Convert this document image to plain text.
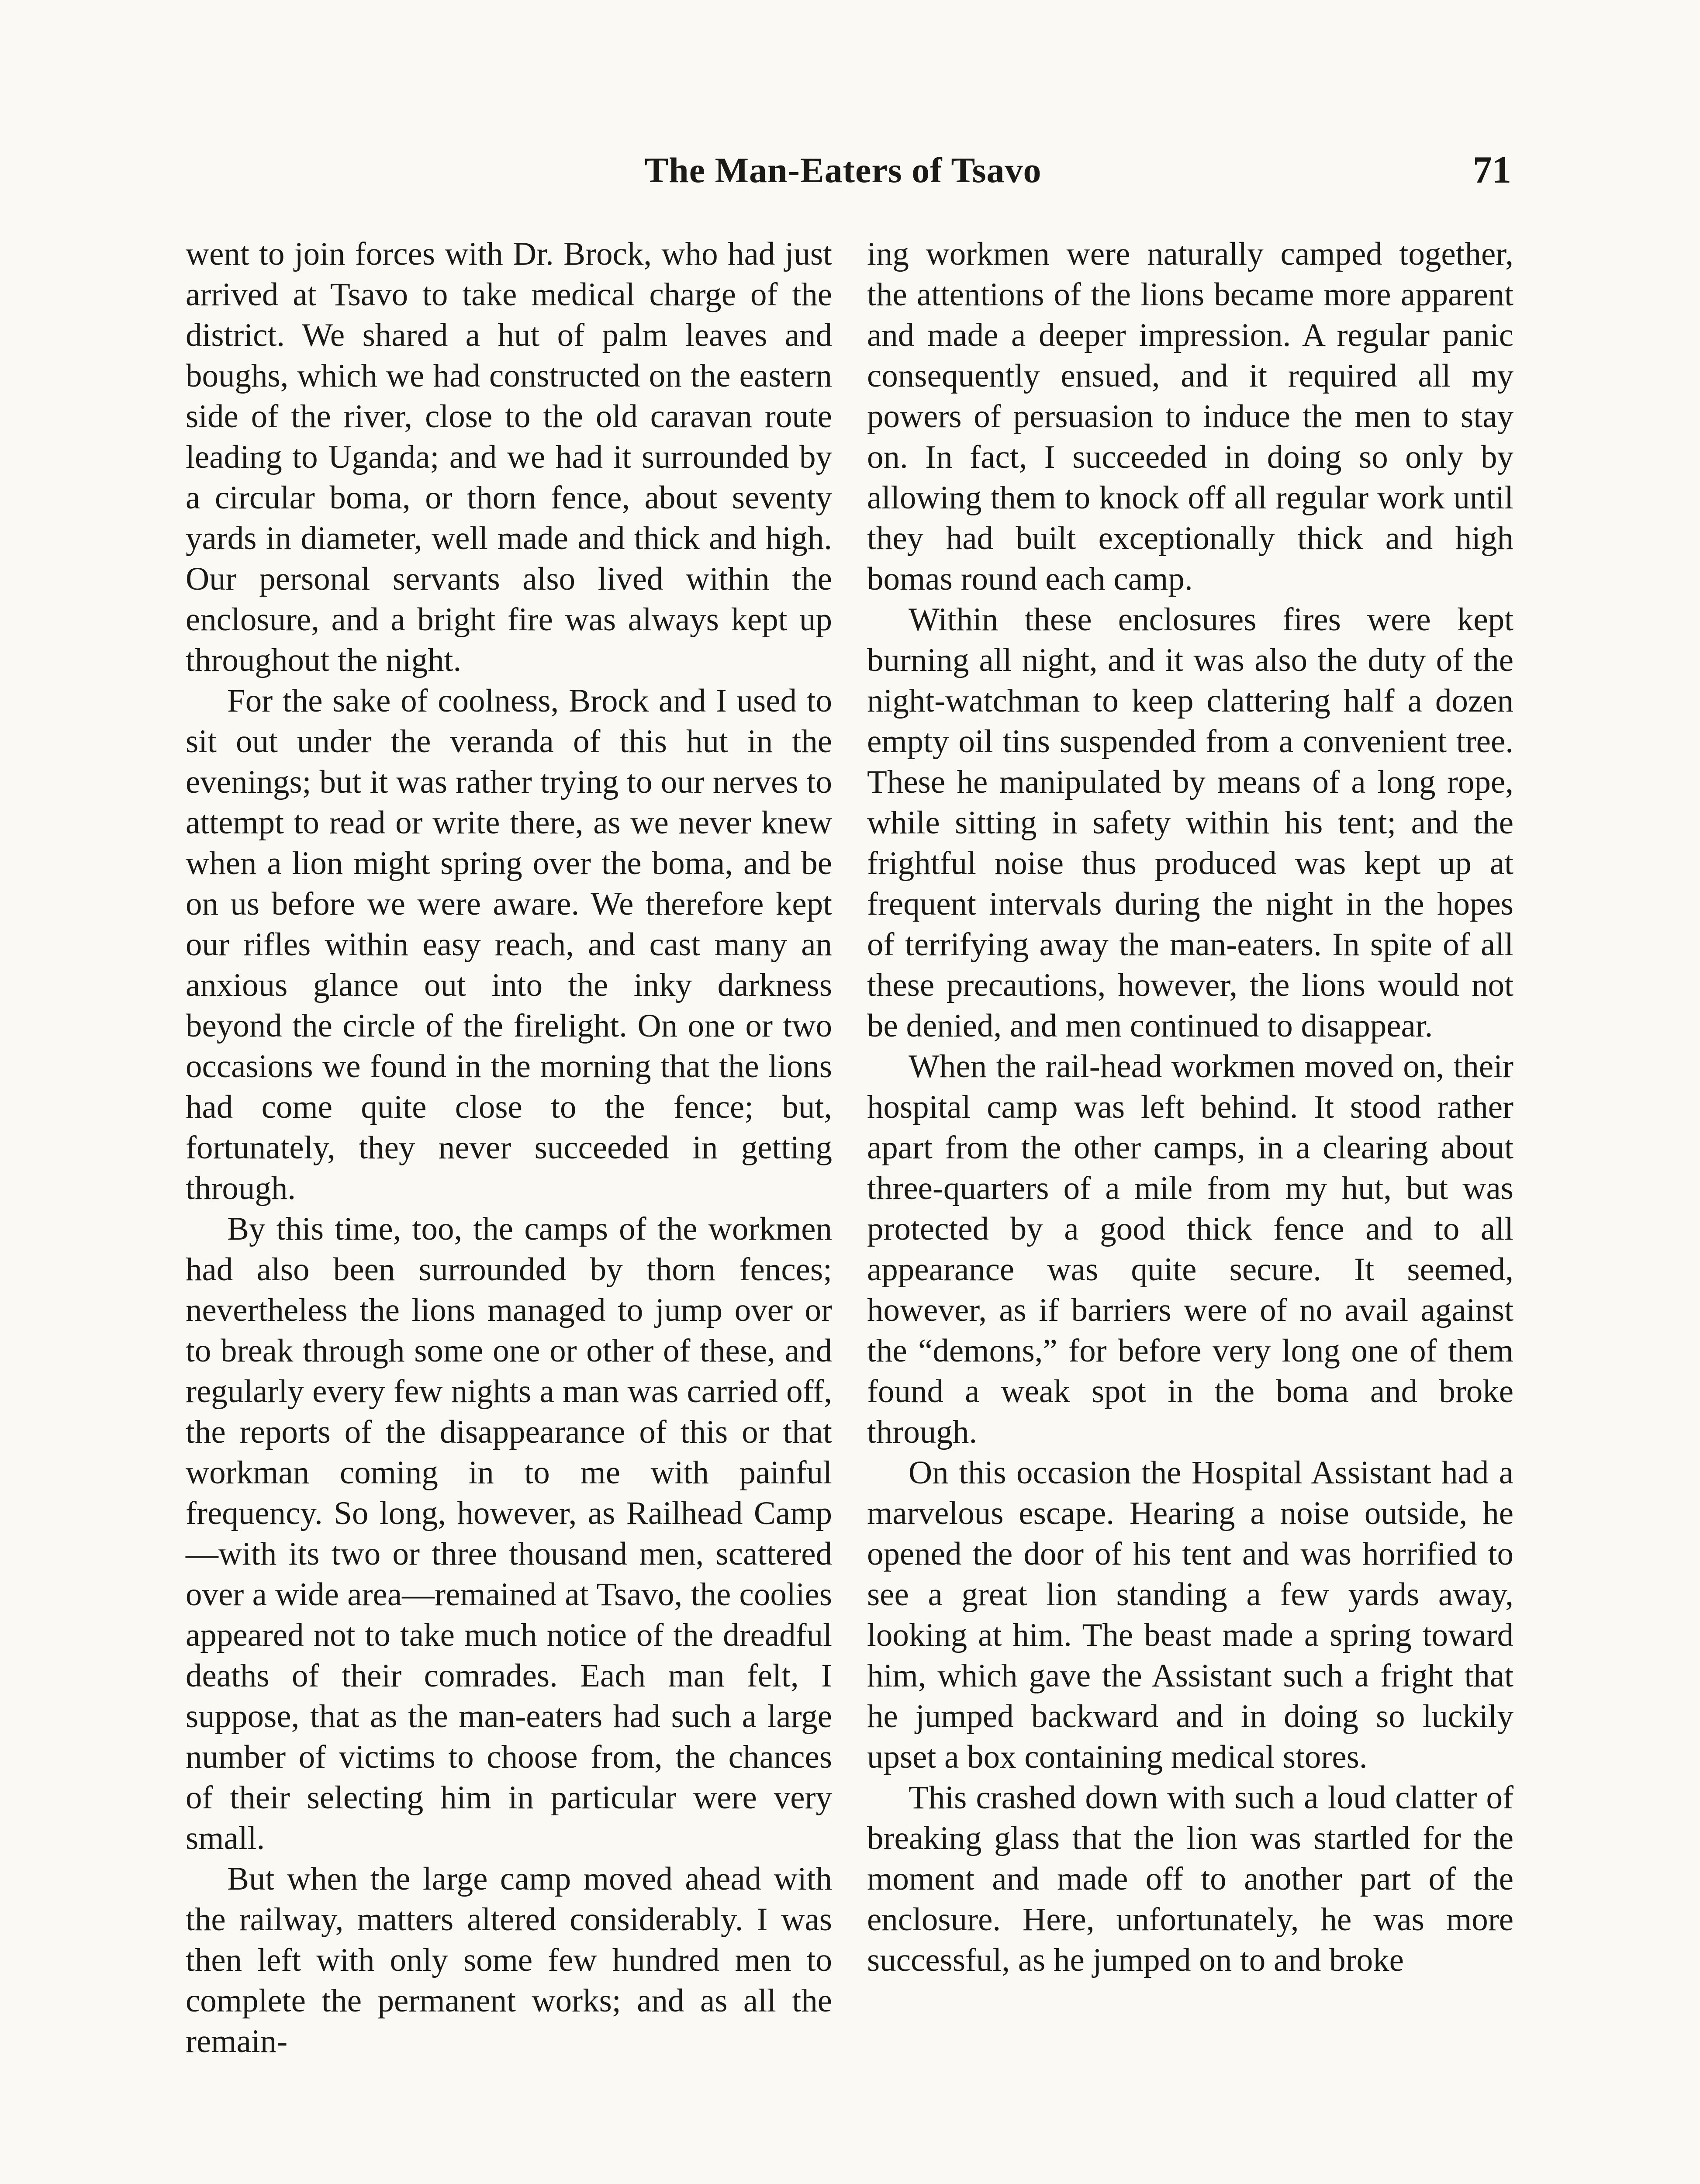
The Man-Eaters of Tsavo	71

went to join forces with Dr. Brock, who had just arrived at Tsavo to take medical charge of the district. We shared a hut of palm leaves and boughs, which we had constructed on the eastern side of the river, close to the old caravan route leading to Uganda; and we had it surrounded by a circular boma, or thorn fence, about seventy yards in diameter, well made and thick and high. Our personal servants also lived within the enclosure, and a bright fire was always kept up throughout the night.

For the sake of coolness, Brock and I used to sit out under the veranda of this hut in the evenings; but it was rather trying to our nerves to attempt to read or write there, as we never knew when a lion might spring over the boma, and be on us before we were aware. We therefore kept our rifles within easy reach, and cast many an anxious glance out into the inky darkness beyond the circle of the firelight. On one or two occasions we found in the morning that the lions had come quite close to the fence; but, fortunately, they never succeeded in getting through.

By this time, too, the camps of the workmen had also been surrounded by thorn fences; nevertheless the lions managed to jump over or to break through some one or other of these, and regularly every few nights a man was carried off, the reports of the disappearance of this or that workman coming in to me with painful frequency. So long, however, as Railhead Camp—with its two or three thousand men, scattered over a wide area—remained at Tsavo, the coolies appeared not to take much notice of the dreadful deaths of their comrades. Each man felt, I suppose, that as the man-eaters had such a large number of victims to choose from, the chances of their selecting him in particular were very small.

But when the large camp moved ahead with the railway, matters altered considerably. I was then left with only some few hundred men to complete the permanent works; and as all the remain-

ing workmen were naturally camped together, the attentions of the lions became more apparent and made a deeper impression. A regular panic consequently ensued, and it required all my powers of persuasion to induce the men to stay on. In fact, I succeeded in doing so only by allowing them to knock off all regular work until they had built exceptionally thick and high bomas round each camp.

Within these enclosures fires were kept burning all night, and it was also the duty of the night-watchman to keep clattering half a dozen empty oil tins suspended from a convenient tree. These he manipulated by means of a long rope, while sitting in safety within his tent; and the frightful noise thus produced was kept up at frequent intervals during the night in the hopes of terrifying away the man-eaters. In spite of all these precautions, however, the lions would not be denied, and men continued to disappear.

When the rail-head workmen moved on, their hospital camp was left behind. It stood rather apart from the other camps, in a clearing about three-quarters of a mile from my hut, but was protected by a good thick fence and to all appearance was quite secure. It seemed, however, as if barriers were of no avail against the “demons,” for before very long one of them found a weak spot in the boma and broke through.

On this occasion the Hospital Assistant had a marvelous escape. Hearing a noise outside, he opened the door of his tent and was horrified to see a great lion standing a few yards away, looking at him. The beast made a spring toward him, which gave the Assistant such a fright that he jumped backward and in doing so luckily upset a box containing medical stores.

This crashed down with such a loud clatter of breaking glass that the lion was startled for the moment and made off to another part of the enclosure. Here, unfortunately, he was more successful, as he jumped on to and broke
